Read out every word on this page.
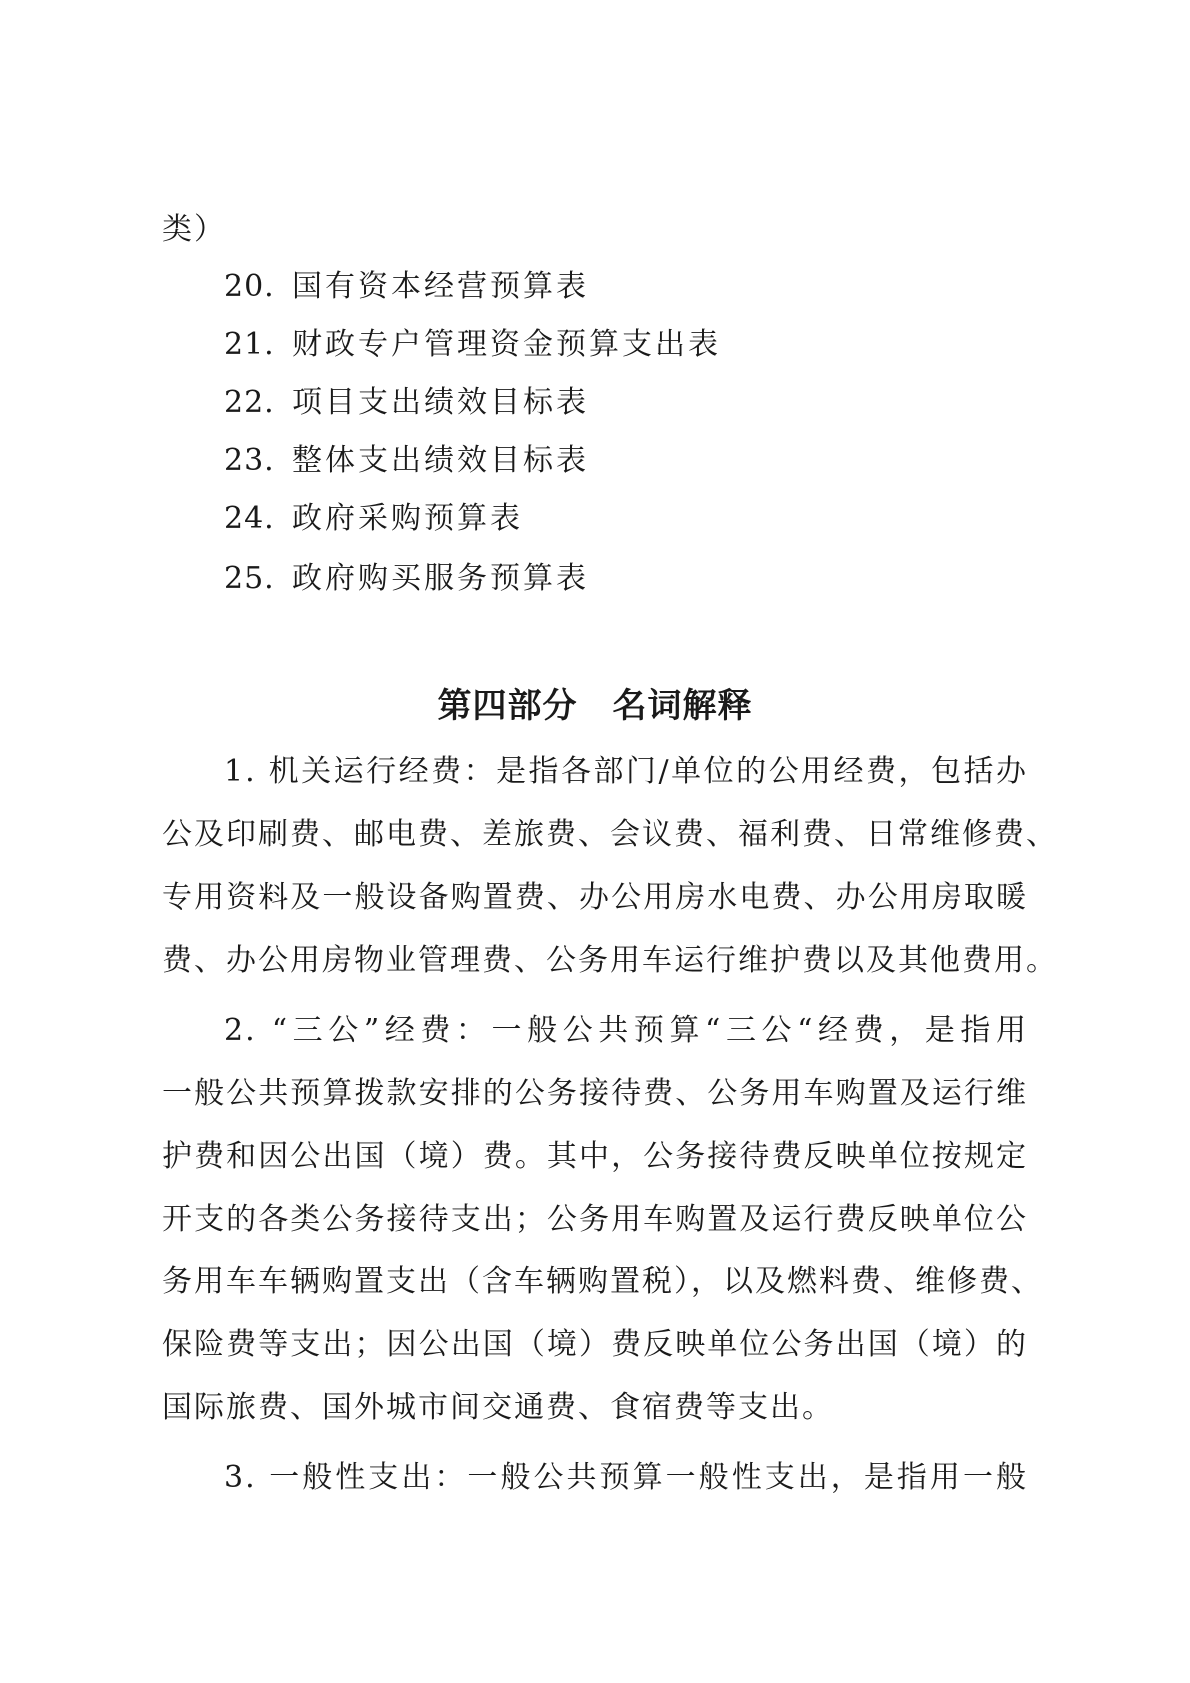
类）
20. 国有资本经营预算表
21. 财政专户管理资金预算支出表
22. 项目支出绩效目标表
23. 整体支出绩效目标表
24. 政府采购预算表
25. 政府购买服务预算表
第四部分　名词解释
1. 机关运行经费：是指各部门/单位的公用经费，包括办
公及印刷费、邮电费、差旅费、会议费、福利费、日常维修费、
专用资料及一般设备购置费、办公用房水电费、办公用房取暖
费、办公用房物业管理费、公务用车运行维护费以及其他费用。
2. “三公”经费：一般公共预算“三公“经费，是指用
一般公共预算拨款安排的公务接待费、公务用车购置及运行维
护费和因公出国（境）费。其中，公务接待费反映单位按规定
开支的各类公务接待支出；公务用车购置及运行费反映单位公
务用车车辆购置支出（含车辆购置税），以及燃料费、维修费、
保险费等支出；因公出国（境）费反映单位公务出国（境）的
国际旅费、国外城市间交通费、食宿费等支出。
3. 一般性支出：一般公共预算一般性支出，是指用一般
